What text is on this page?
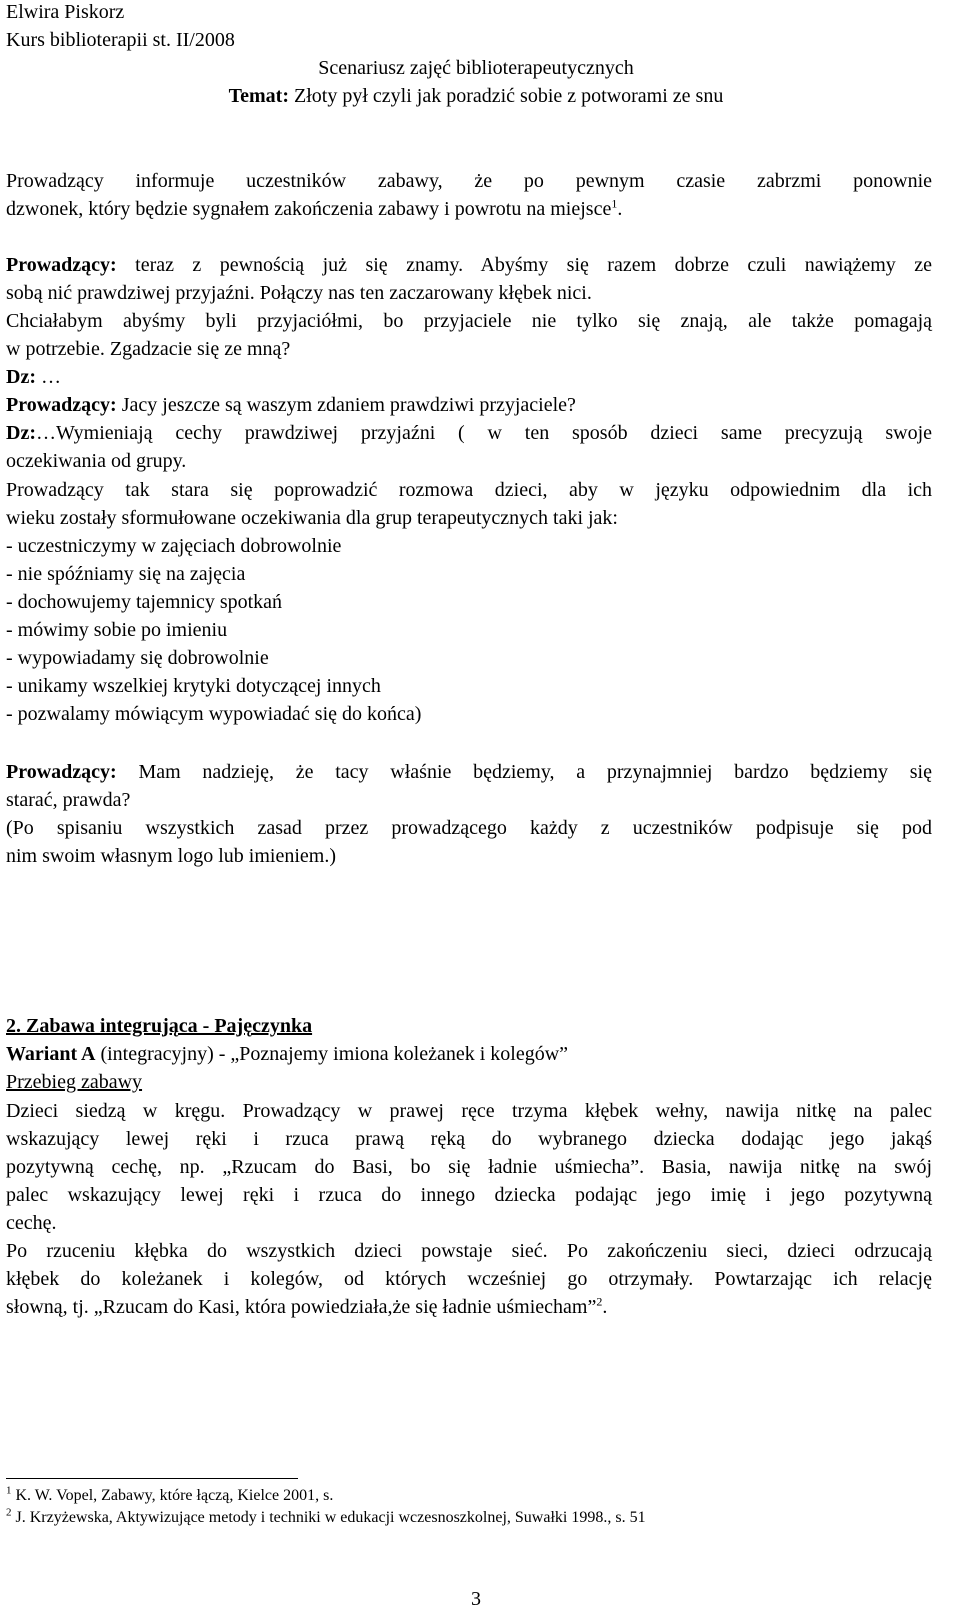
Elwira Piskorz
Kurs biblioterapii st. II/2008
Scenariusz zajęć biblioterapeutycznych
Temat: Złoty pył czyli jak poradzić sobie z potworami ze snu
Prowadzący informuje uczestników zabawy, że po pewnym czasie zabrzmi ponownie
dzwonek, który będzie sygnałem zakończenia zabawy i powrotu na miejsce$^1$.
Prowadzący: teraz z pewnością już się znamy. Abyśmy się razem dobrze czuli nawiążemy ze
sobą nić prawdziwej przyjaźni. Połączy nas ten zaczarowany kłębek nici.
Chciałabym abyśmy byli przyjaciółmi, bo przyjaciele nie tylko się znają, ale także pomagają
w potrzebie. Zgadzacie się ze mną?
Dz: …
Prowadzący: Jacy jeszcze są waszym zdaniem prawdziwi przyjaciele?
Dz:…Wymieniają cechy prawdziwej przyjaźni ( w ten sposób dzieci same precyzują swoje
oczekiwania od grupy.
Prowadzący tak stara się poprowadzić rozmowa dzieci, aby w języku odpowiednim dla ich
wieku zostały sformułowane oczekiwania dla grup terapeutycznych taki jak:
- uczestniczymy w zajęciach dobrowolnie
- nie spóźniamy się na zajęcia
- dochowujemy tajemnicy spotkań
- mówimy sobie po imieniu
- wypowiadamy się dobrowolnie
- unikamy wszelkiej krytyki dotyczącej innych
- pozwalamy mówiącym wypowiadać się do końca)
Prowadzący: Mam nadzieję, że tacy właśnie będziemy, a przynajmniej bardzo będziemy się
starać, prawda?
(Po spisaniu wszystkich zasad przez prowadzącego każdy z uczestników podpisuje się pod
nim swoim własnym logo lub imieniem.)
2. Zabawa integrująca - Pajęczynka
Wariant A (integracyjny) - „Poznajemy imiona koleżanek i kolegów”
Przebieg zabawy
Dzieci siedzą w kręgu. Prowadzący w prawej ręce trzyma kłębek wełny, nawija nitkę na palec
wskazujący lewej ręki i rzuca prawą ręką do wybranego dziecka dodając jego jakąś
pozytywną cechę, np. „Rzucam do Basi, bo się ładnie uśmiecha”. Basia, nawija nitkę na swój
palec wskazujący lewej ręki i rzuca do innego dziecka podając jego imię i jego pozytywną
cechę.
Po rzuceniu kłębka do wszystkich dzieci powstaje sieć. Po zakończeniu sieci, dzieci odrzucają
kłębek do koleżanek i kolegów, od których wcześniej go otrzymały. Powtarzając ich relację
słowną, tj. „Rzucam do Kasi, która powiedziała,że się ładnie uśmiecham”$^2$.
$^1$ K. W. Vopel, Zabawy, które łączą, Kielce 2001, s.
$^2$ J. Krzyżewska, Aktywizujące metody i techniki w edukacji wczesnoszkolnej, Suwałki 1998., s. 51
3
